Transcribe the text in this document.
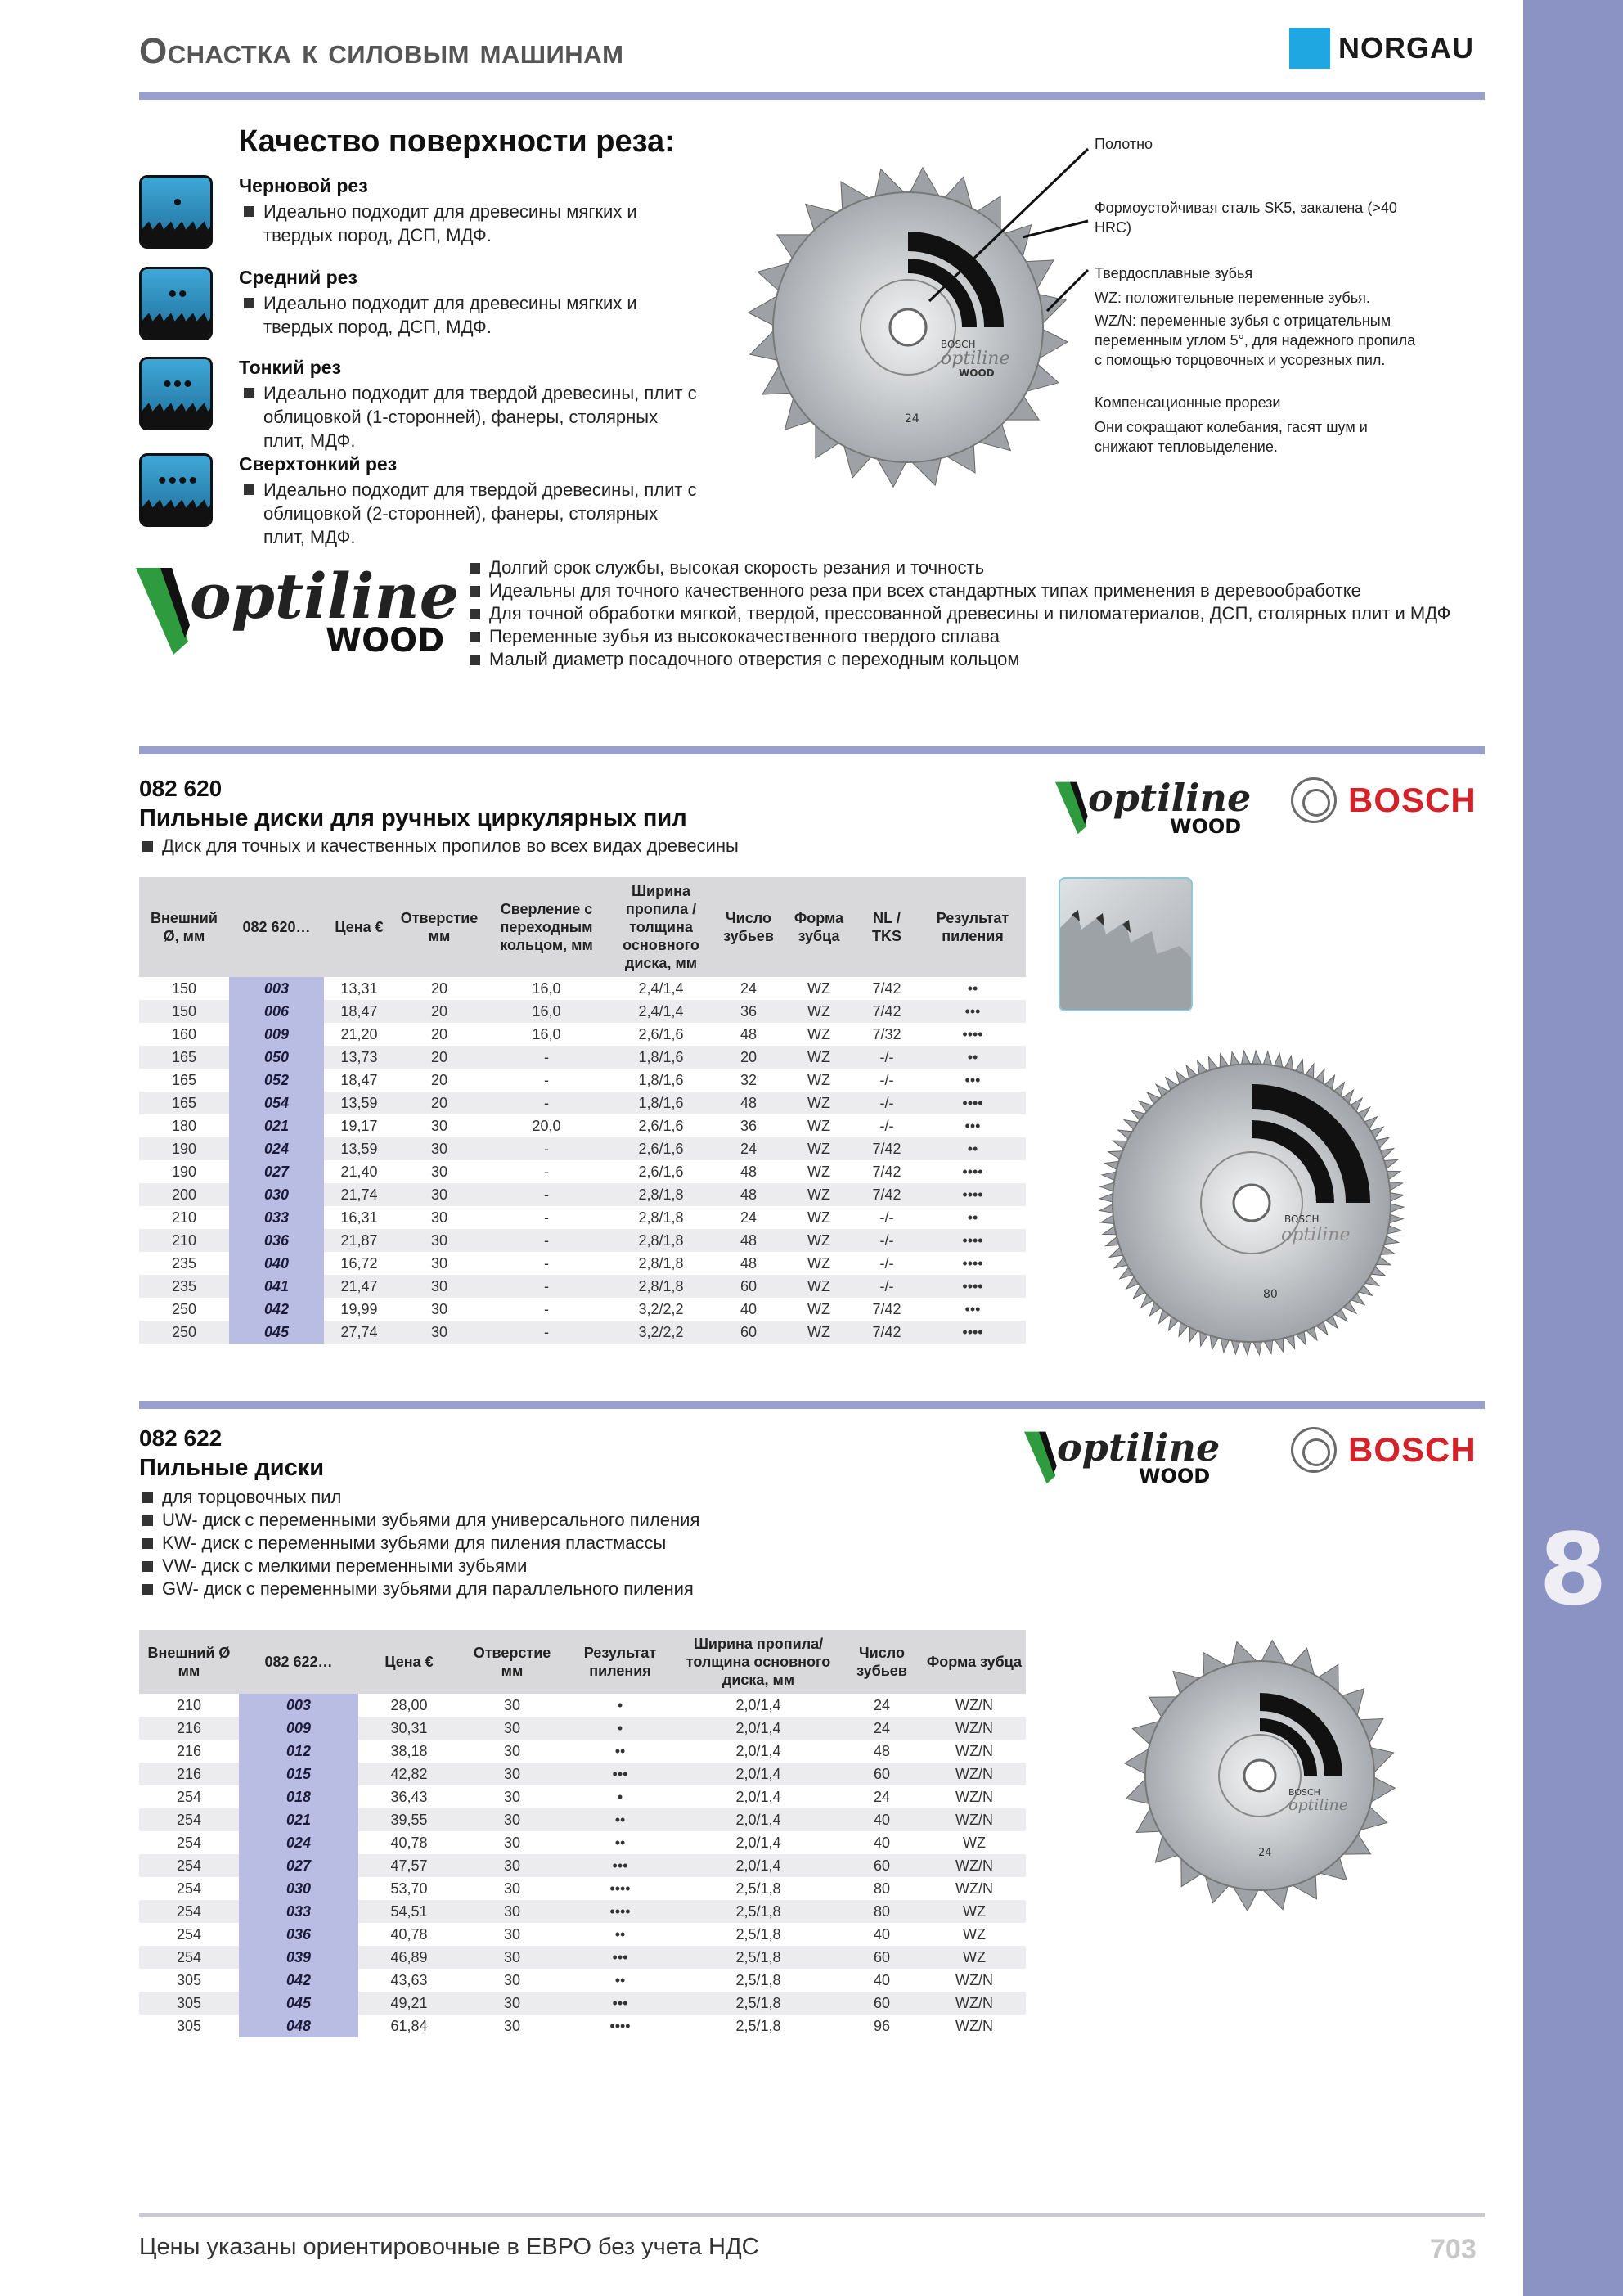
8
Оснастка к силовым машинам	NORGAU
Качество поверхности реза:
•
Черновой рез
Идеально подходит для древесины мягких и твердых пород, ДСП, МДФ.
••
Средний рез
Идеально подходит для древесины мягких и твердых пород, ДСП, МДФ.
•••
Тонкий рез
Идеально подходит для твердой древесины, плит с облицовкой (1-сторонней), фанеры, столярных плит, МДФ.
••••
Сверхтонкий рез
Идеально подходит для твердой древесины, плит с облицовкой (2-сторонней), фанеры, столярных плит, МДФ.
BOSCH
optiline
WOOD
24
Полотно
Формоустойчивая сталь SK5, закалена (>40 HRC)
Твердосплавные зубья
WZ: положительные переменные зубья.
WZ/N: переменные зубья с отрицательным переменным углом 5°, для надежного пропила с помощью торцовочных и усорезных пил.
Компенсационные прорези
Они сокращают колебания, гасят шум и снижают тепловыделение.
optiline
WOOD
Долгий срок службы, высокая скорость резания и точность
Идеальны для точного качественного реза при всех стандартных типах применения в деревообработке
Для точной обработки мягкой, твердой, прессованной древесины и пиломатериалов, ДСП, столярных плит и МДФ
Переменные зубья из высококачественного твердого сплава
Малый диаметр посадочного отверстия с переходным кольцом
082 620
Пильные диски для ручных циркулярных пил
Диск для точных и качественных пропилов во всех видах древесины
optiline
WOOD
BOSCH
Внешний Ø, мм	082 620…	Цена €	Отверстие мм	Сверление с переходным кольцом, мм	Ширина пропила / толщина основного диска, мм	Число зубьев	Форма зубца	NL / TKS	Результат пиления
150	003	13,31	20	16,0	2,4/1,4	24	WZ	7/42	••
150	006	18,47	20	16,0	2,4/1,4	36	WZ	7/42	•••
160	009	21,20	20	16,0	2,6/1,6	48	WZ	7/32	••••
165	050	13,73	20	-	1,8/1,6	20	WZ	-/-	••
165	052	18,47	20	-	1,8/1,6	32	WZ	-/-	•••
165	054	13,59	20	-	1,8/1,6	48	WZ	-/-	••••
180	021	19,17	30	20,0	2,6/1,6	36	WZ	-/-	•••
190	024	13,59	30	-	2,6/1,6	24	WZ	7/42	••
190	027	21,40	30	-	2,6/1,6	48	WZ	7/42	••••
200	030	21,74	30	-	2,8/1,8	48	WZ	7/42	••••
210	033	16,31	30	-	2,8/1,8	24	WZ	-/-	••
210	036	21,87	30	-	2,8/1,8	48	WZ	-/-	••••
235	040	16,72	30	-	2,8/1,8	48	WZ	-/-	••••
235	041	21,47	30	-	2,8/1,8	60	WZ	-/-	••••
250	042	19,99	30	-	3,2/2,2	40	WZ	7/42	•••
250	045	27,74	30	-	3,2/2,2	60	WZ	7/42	••••
BOSCH
optiline
80
082 622
Пильные диски
для торцовочных пил
UW- диск с переменными зубьями для универсального пиления
KW- диск с переменными зубьями для пиления пластмассы
VW- диск с мелкими переменными зубьями
GW- диск с переменными зубьями для параллельного пиления
optiline
WOOD
BOSCH
Внешний Ø мм	082 622…	Цена €	Отверстие мм	Результат пиления	Ширина пропила/ толщина основного диска, мм	Число зубьев	Форма зубца
210	003	28,00	30	•	2,0/1,4	24	WZ/N
216	009	30,31	30	•	2,0/1,4	24	WZ/N
216	012	38,18	30	••	2,0/1,4	48	WZ/N
216	015	42,82	30	•••	2,0/1,4	60	WZ/N
254	018	36,43	30	•	2,0/1,4	24	WZ/N
254	021	39,55	30	••	2,0/1,4	40	WZ/N
254	024	40,78	30	••	2,0/1,4	40	WZ
254	027	47,57	30	•••	2,0/1,4	60	WZ/N
254	030	53,70	30	••••	2,5/1,8	80	WZ/N
254	033	54,51	30	••••	2,5/1,8	80	WZ
254	036	40,78	30	••	2,5/1,8	40	WZ
254	039	46,89	30	•••	2,5/1,8	60	WZ
305	042	43,63	30	••	2,5/1,8	40	WZ/N
305	045	49,21	30	•••	2,5/1,8	60	WZ/N
305	048	61,84	30	••••	2,5/1,8	96	WZ/N
BOSCH
optiline
24
Цены указаны ориентировочные в ЕВРО без учета НДС	703
